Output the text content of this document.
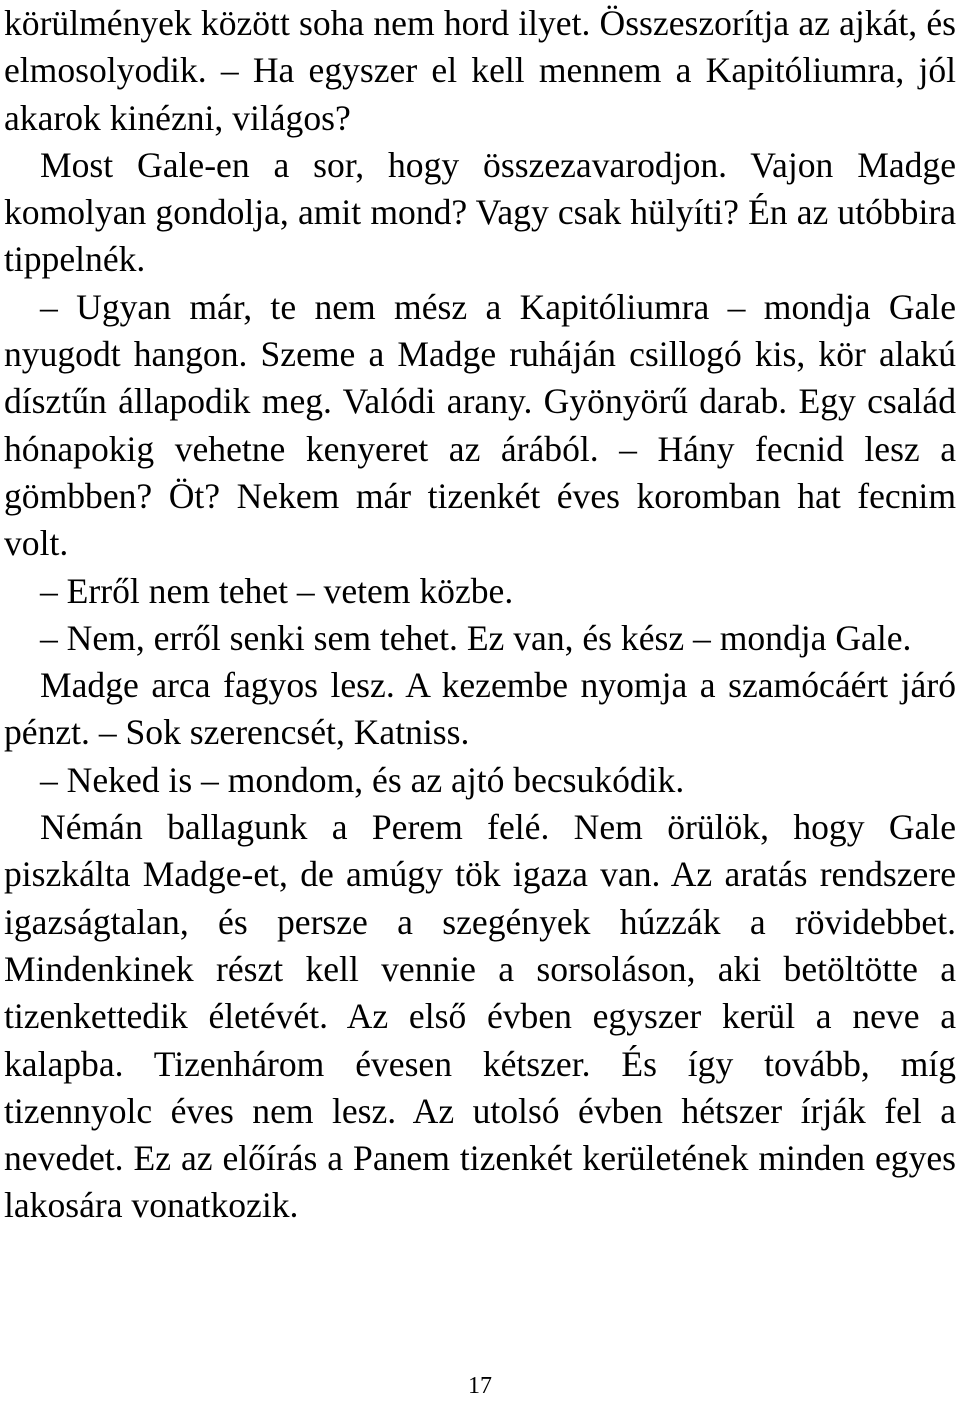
körülmények között soha nem hord ilyet. Összeszorítja az ajkát, és elmosolyodik. – Ha egyszer el kell mennem a Kapitóliumra, jól akarok kinézni, világos?

Most Gale-en a sor, hogy összezavarodjon. Vajon Madge komolyan gondolja, amit mond? Vagy csak hülyíti? Én az utóbbira tippelnék.

– Ugyan már, te nem mész a Kapitóliumra – mondja Gale nyugodt hangon. Szeme a Madge ruháján csillogó kis, kör alakú dísztűn állapodik meg. Valódi arany. Gyönyörű darab. Egy család hónapokig vehetne kenyeret az árából. – Hány fecnid lesz a gömbben? Öt? Nekem már tizenkét éves koromban hat fecnim volt.

– Erről nem tehet – vetem közbe.

– Nem, erről senki sem tehet. Ez van, és kész – mondja Gale.

Madge arca fagyos lesz. A kezembe nyomja a szamócáért járó pénzt. – Sok szerencsét, Katniss.

– Neked is – mondom, és az ajtó becsukódik.

Némán ballagunk a Perem felé. Nem örülök, hogy Gale piszkálta Madge-et, de amúgy tök igaza van. Az aratás rendszere igazságtalan, és persze a szegények húzzák a rövidebbet. Mindenkinek részt kell vennie a sorsoláson, aki betöltötte a tizenkettedik életévét. Az első évben egyszer kerül a neve a kalapba. Tizenhárom évesen kétszer. És így tovább, míg tizennyolc éves nem lesz. Az utolsó évben hétszer írják fel a nevedet. Ez az előírás a Panem tizenkét kerületének minden egyes lakosára vonatkozik.

17
